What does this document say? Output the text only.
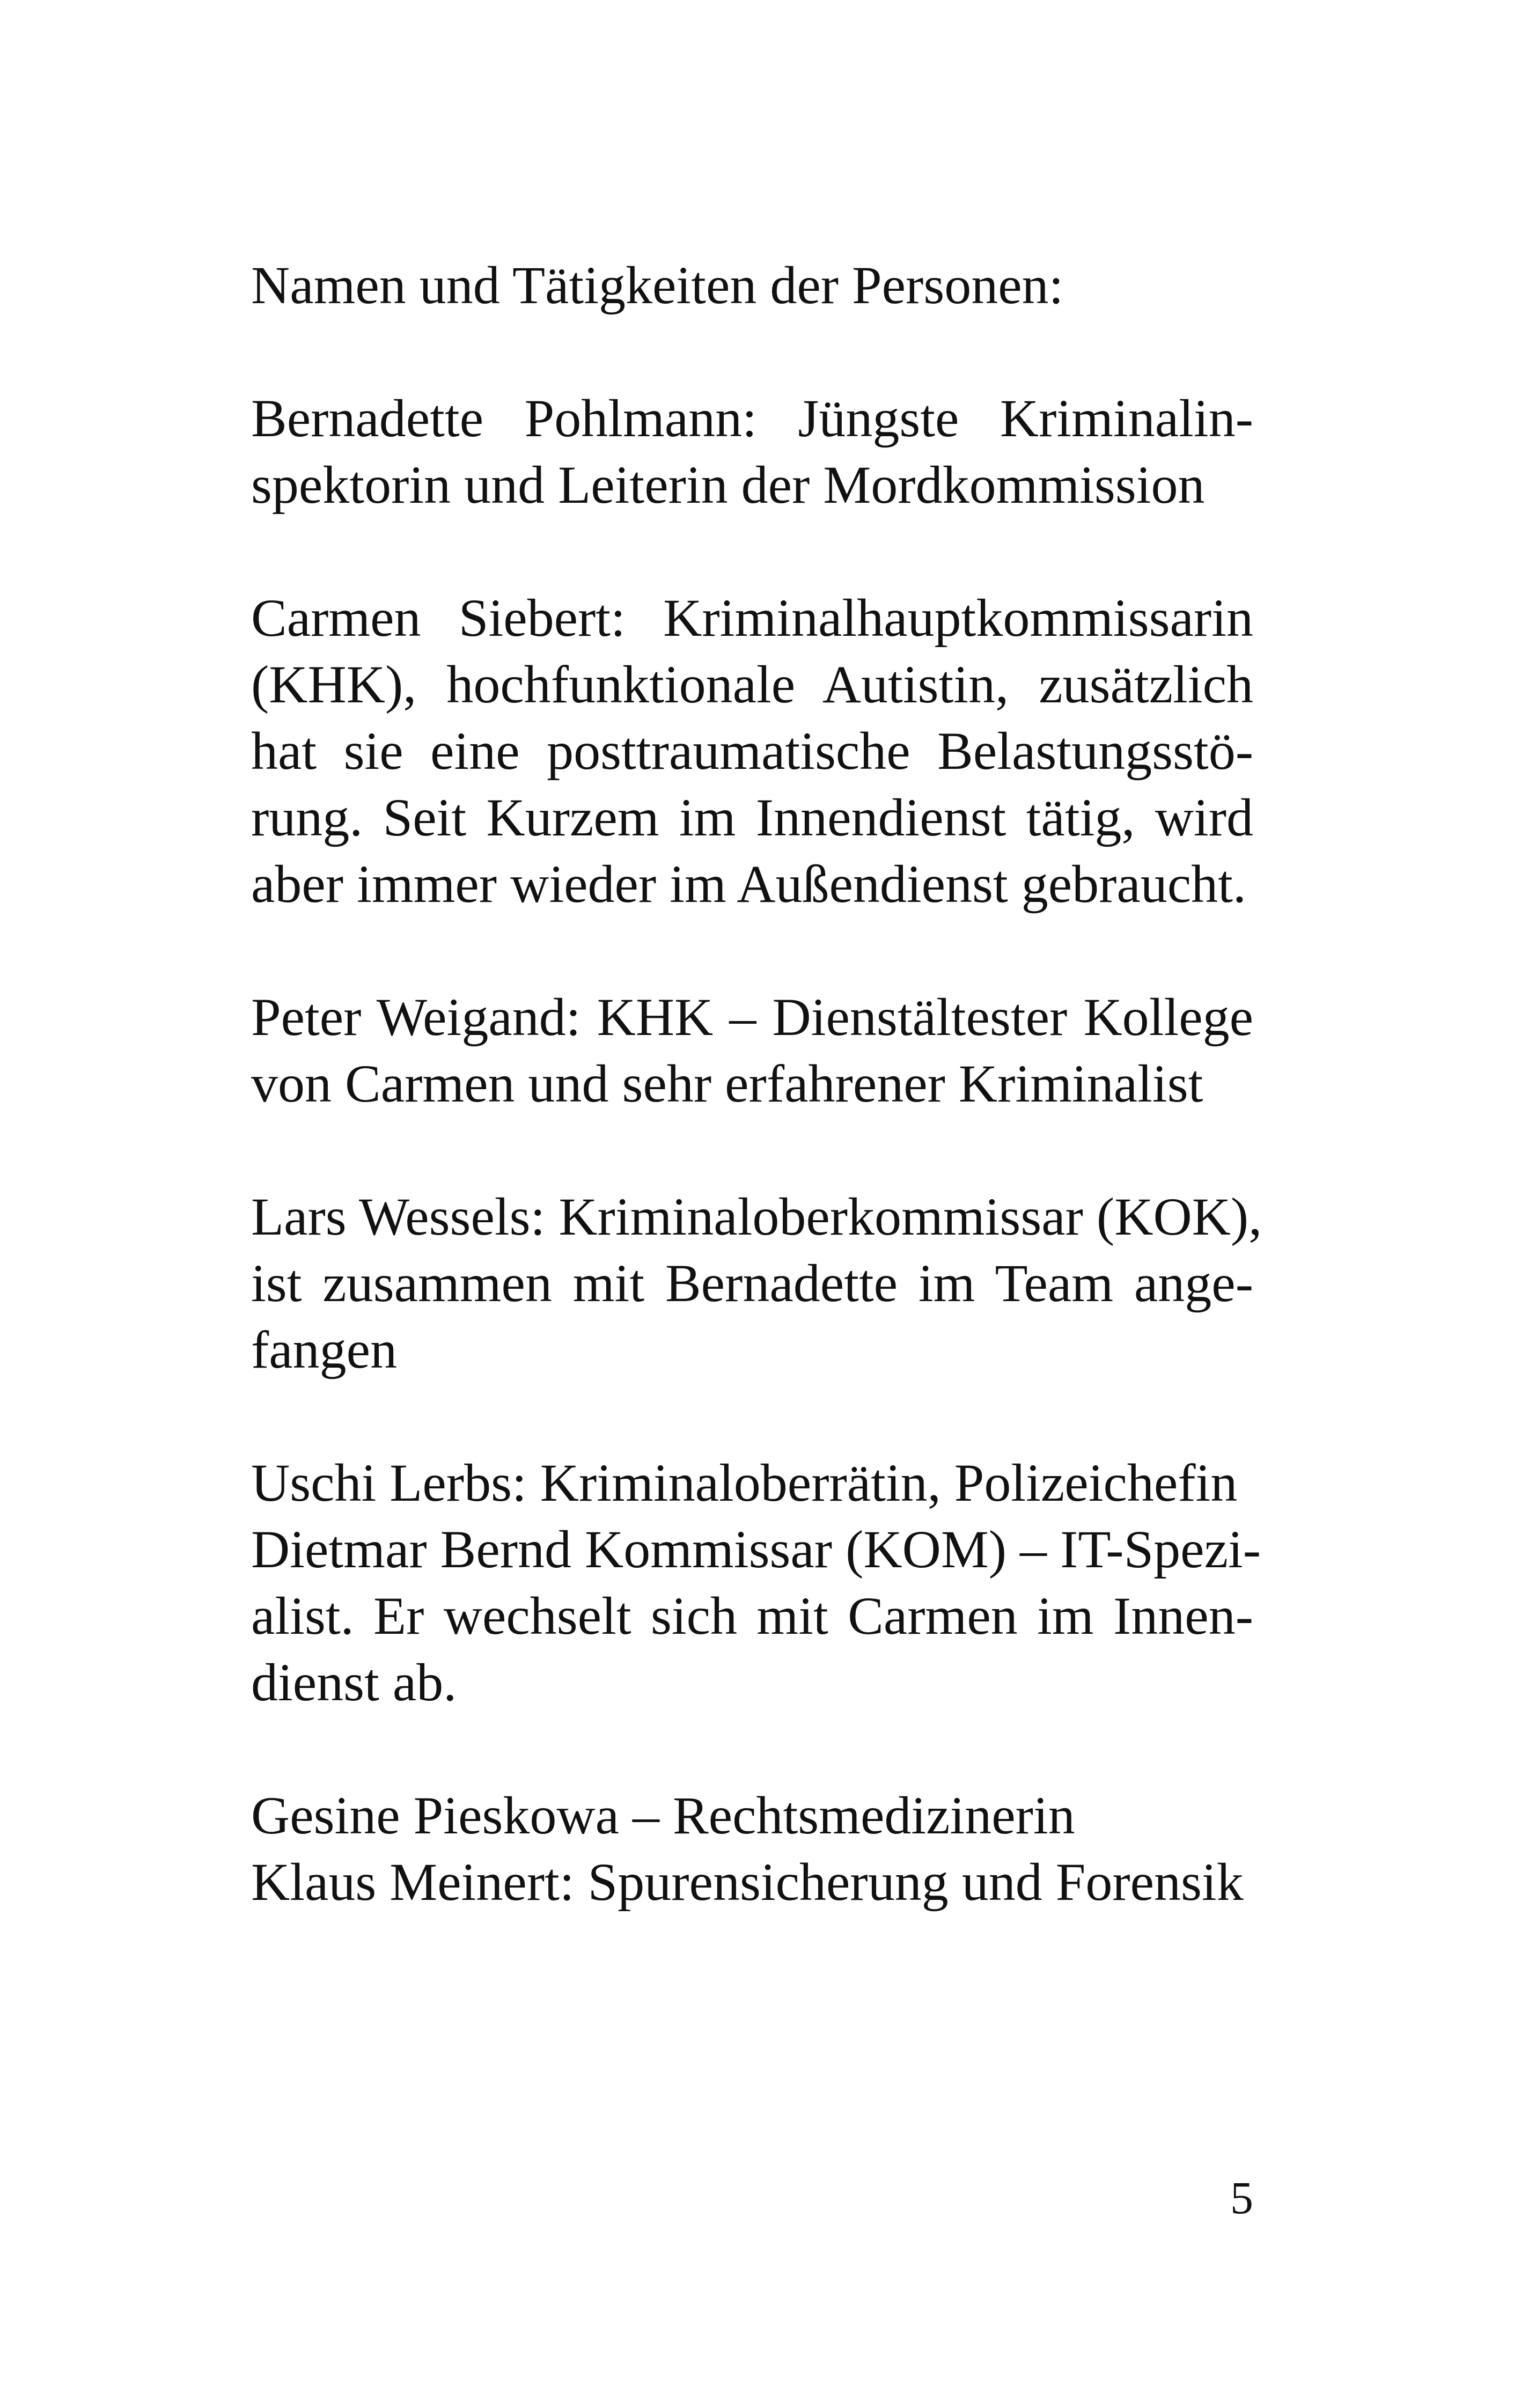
Namen und Tätigkeiten der Personen:
Bernadette Pohlmann: Jüngste Kriminalin-
spektorin und Leiterin der Mordkommission
Carmen Siebert: Kriminalhauptkommissarin
(KHK), hochfunktionale Autistin, zusätzlich
hat sie eine posttraumatische Belastungsstö-
rung. Seit Kurzem im Innendienst tätig, wird
aber immer wieder im Außendienst gebraucht.
Peter Weigand: KHK – Dienstältester Kollege
von Carmen und sehr erfahrener Kriminalist
Lars Wessels: Kriminaloberkommissar (KOK),
ist zusammen mit Bernadette im Team ange-
fangen
Uschi Lerbs: Kriminaloberrätin, Polizeichefin
Dietmar Bernd Kommissar (KOM) – IT-Spezi-
alist. Er wechselt sich mit Carmen im Innen-
dienst ab.
Gesine Pieskowa – Rechtsmedizinerin
Klaus Meinert: Spurensicherung und Forensik
5
